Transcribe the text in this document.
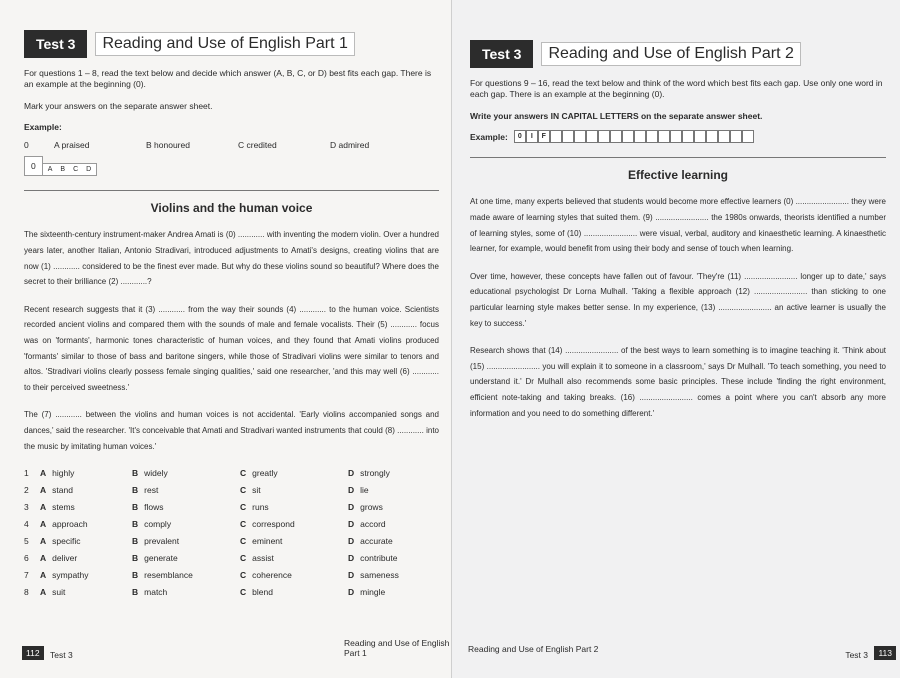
Test 3	Reading and Use of English Part 1
For questions 1 – 8, read the text below and decide which answer (A, B, C, or D) best fits each gap. There is an example at the beginning (0).
Mark your answers on the separate answer sheet.
Example:
0	A praised	B honoured	C credited	D admired
0	A B C D
Violins and the human voice
The sixteenth-century instrument-maker Andrea Amati is (0) ............ with inventing the modern violin. Over a hundred years later, another Italian, Antonio Stradivari, introduced adjustments to Amati's designs, creating violins that are now (1) ............ considered to be the finest ever made. But why do these violins sound so beautiful? Where does the secret to their brilliance (2) ............?
Recent research suggests that it (3) ............ from the way their sounds (4) ............ to the human voice. Scientists recorded ancient violins and compared them with the sounds of male and female vocalists. Their (5) ............ focus was on 'formants', harmonic tones characteristic of human voices, and they found that Amati violins produced 'formants' similar to those of bass and baritone singers, while those of Stradivari violins were similar to tenors and altos. 'Stradivari violins clearly possess female singing qualities,' said one researcher, 'and this may well (6) ............ to their perceived sweetness.'
The (7) ............ between the violins and human voices is not accidental. 'Early violins accompanied songs and dances,' said the researcher. 'It's conceivable that Amati and Stradivari wanted instruments that could (8) ............ into the music by imitating human voices.'
1	A highly	B widely	C greatly	D strongly
2	A stand	B rest	C sit	D lie
3	A stems	B flows	C runs	D grows
4	A approach	B comply	C correspond	D accord
5	A specific	B prevalent	C eminent	D accurate
6	A deliver	B generate	C assist	D contribute
7	A sympathy	B resemblance	C coherence	D sameness
8	A suit	B match	C blend	D mingle
112	Test 3
Reading and Use of English Part 1
Test 3	Reading and Use of English Part 2
For questions 9 – 16, read the text below and think of the word which best fits each gap. Use only one word in each gap. There is an example at the beginning (0).
Write your answers IN CAPITAL LETTERS on the separate answer sheet.
Example:	0	I	F
Effective learning
At one time, many experts believed that students would become more effective learners (0) ........................ they were made aware of learning styles that suited them. (9) ........................ the 1980s onwards, theorists identified a number of learning styles, some of (10) ........................ were visual, verbal, auditory and kinaesthetic learning. A kinaesthetic learner, for example, would benefit from using their body and sense of touch when learning.
Over time, however, these concepts have fallen out of favour. 'They're (11) ........................ longer up to date,' says educational psychologist Dr Lorna Mulhall. 'Taking a flexible approach (12) ........................ than sticking to one particular learning style makes better sense. In my experience, (13) ........................ an active learner is usually the key to success.'
Research shows that (14) ........................ of the best ways to learn something is to imagine teaching it. 'Think about (15) ........................ you will explain it to someone in a classroom,' says Dr Mulhall. 'To teach something, you need to understand it.' Dr Mulhall also recommends some basic principles. These include 'finding the right environment, efficient note-taking and taking breaks. (16) ........................ comes a point where you can't absorb any more information and you need to do something different.'
113
Test 3
Reading and Use of English Part 2
